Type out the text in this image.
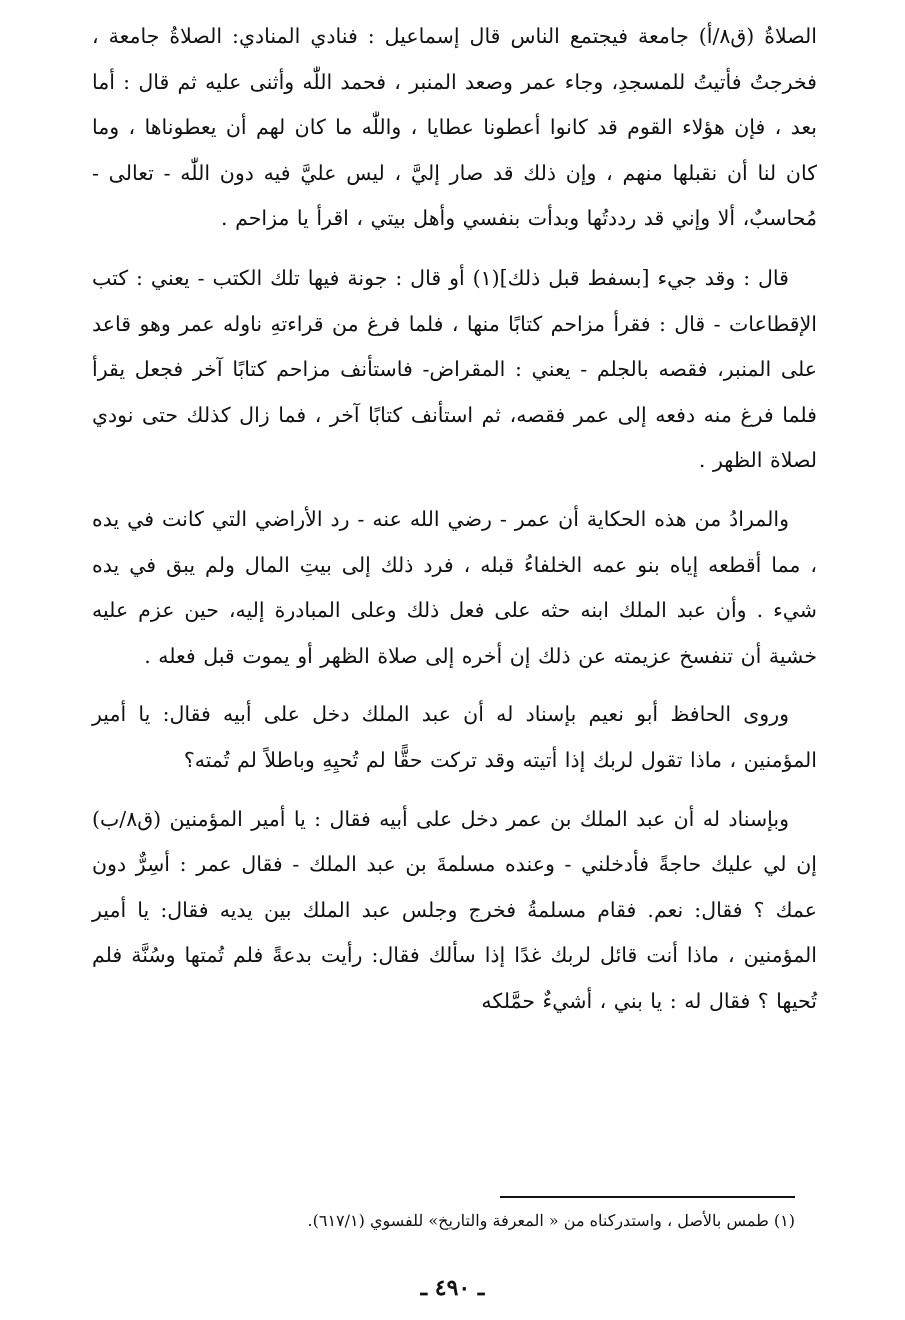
الصلاةُ (ق٨/أ) جامعة فيجتمع الناس قال إسماعيل : فنادي المنادي: الصلاةُ جامعة ، فخرجتُ فأتيتُ للمسجدِ، وجاء عمر وصعد المنبر ، فحمد اللّٰه وأثنى عليه ثم قال : أما بعد ، فإن هؤلاء القوم قد كانوا أعطونا عطايا ، واللّٰه ما كان لهم أن يعطوناها ، وما كان لنا أن نقبلها منهم ، وإن ذلك قد صار إليَّ ، ليس عليَّ فيه دون اللّٰه - تعالى - مُحاسبٌ، ألا وإني قد رددتُها وبدأت بنفسي وأهل بيتي ، اقرأ يا مزاحم .

قال : وقد جيء [بسفط قبل ذلك](١) أو قال : جونة فيها تلك الكتب - يعني : كتب الإقطاعات - قال : فقرأ مزاحم كتابًا منها ، فلما فرغ من قراءتهِ ناوله عمر وهو قاعد على المنبر، فقصه بالجلم - يعني : المقراض- فاستأنف مزاحم كتابًا آخر فجعل يقرأ فلما فرغ منه دفعه إلى عمر فقصه، ثم استأنف كتابًا آخر ، فما زال كذلك حتى نودي لصلاة الظهر .

والمرادُ من هذه الحكاية أن عمر - رضي الله عنه - رد الأراضي التي كانت في يده ، مما أقطعه إياه بنو عمه الخلفاءُ قبله ، فرد ذلك إلى بيتِ المال ولم يبق في يده شيء . وأن عبد الملك ابنه حثه على فعل ذلك وعلى المبادرة إليه، حين عزم عليه خشية أن تنفسخ عزيمته عن ذلك إن أخره إلى صلاة الظهر أو يموت قبل فعله .

وروى الحافظ أبو نعيم بإسناد له أن عبد الملك دخل على أبيه فقال: يا أمير المؤمنين ، ماذا تقول لربك إذا أتيته وقد تركت حقًّا لم تُحيِهِ وباطلاً لم تُمته؟

وبإسناد له أن عبد الملك بن عمر دخل على أبيه فقال : يا أمير المؤمنين (ق٨/ب) إن لي عليك حاجةً فأدخلني - وعنده مسلمةَ بن عبد الملك - فقال عمر : أسِرٌّ دون عمك ؟ فقال: نعم. فقام مسلمةُ فخرج وجلس عبد الملك بين يديه فقال: يا أمير المؤمنين ، ماذا أنت قائل لربك غدًا إذا سألك فقال: رأيت بدعةً فلم تُمتها وسُنَّة فلم تُحيها ؟ فقال له : يا بني ، أشيءٌ حمَّلكه

(١) طمس بالأصل ، واستدركناه من « المعرفة والتاريخ» للفسوي (٦١٧/١).

ـ ٤٩٠ ـ
